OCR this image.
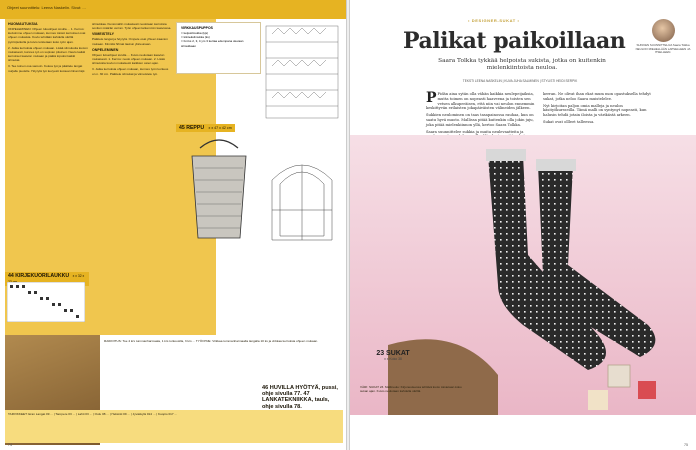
Ohjeet suunnittelu: Leena Naskelin. Sivut: ...
HUOMAUTUKSIA

ONPELEMINEN: Ohjeen lukuohjeet sivulla ... 1. Kerros: kuduimme ohjeen mukaan, kunnes toistot kerrokset ovat ohjeen mukaisia. Kuvio tehdään kahdella värillä pyöröpuikolla ja kuvio toistetaan koko työn ajan.

2. Jatka kerroksia ohjeen mukaan. Lisää silmukoita kuvion mukaisesti, kunnes työ on sopivan pituinen. Neulo kaikki kerrokset kaavion mukaan ja päätä lopuksi kaikki silmukat.

3. Tee toinen osa samoin. Kokoa työ ja päättele langat nurjalle puolelle. Höyrytä työ kevyesti kostean liinan läpi.

silmukkaa. Kuviomallin mukaisesti neulotaan kerroksia sovitun määrän verran. Työn ohjeet tarkemmin kaaviossa.

VIIMEISTELY

Päättele langat ja höyrytä. Ompele osat yhteen kaavion mukaan. Kiinnitä hihnat laukun yläreunaan.

ONPELEMINEN

Ohjeen lukuohjeet sivulla ... Kuvio neulotaan kaavion mukaisesti. 1. Kerros: neulo ohjeen mukaan. 2. Lisää silmukoita kuvion mukaisesti kaikkien osien ajan.

3. Jatka kerroksia ohjeen mukaan, kunnes työn korkeus on n. 30 cm. Päättele silmukat ja viimeistele työ.

VIRKKAUSPUPPOS
= ketjusilmukka (kjs)
= kiinteäsilmukka (ks)
= bxt ks 2, 3, 4 ym 3 kertaa edempana olevaan silmukkaan
45 REPPU x x 47 x 42 cm
44 KIRJEKUORILAUKKU x x 32 x
RAIDOITUS: Toe 4 krs tummanharmaala, 1 krs turkoosilla, 3 krs ... TYÖOHJE: Virkkaa tummanharmaalla langalla 10 ks ja virkkaa kerroksia ohjeen mukaan.
46 HUVILLA HYÖTYÄ, pussi, ohje sivulla 77. 47 LANKATEKNIIKKA, tauls, ohje sivulla 78.
TARVIKKEET: Eran Langat 09 ... | Tampere 03 ... | Lahti 03 ... | Oulu 08 ... | Helsinki 09 ... | Jyväskylä 014 ... | Kuopio 017 ...
74
• DESIGNER-SUKAT •
Palikat paikoillaan
Saara Tolkka tykkää helpoista sukista, jotka on kuitenkin mielenkiintoista neuloa.
TEKSTI LEENA NASKELIN | KUVA JUHA SALMINEN | STYLISTI HEIDI SERPIK
SUKKIEN SUUNNITTELIJA Saara Tolkka NEULOO MIEHELLÄÄN LAPSELLEEN JA ITSELLEEN.

P Pidän aina sytän olla vähän kaikkia neulepeijaiksia, mutta toimen on nopeasti haaveena ja toisten sen vetsen alkuperäisen, että niin vai neulon ennemmin keskittyvän erilaisten jokapäiväisten välineiden jälkeen.

Sukkien neulominen on taas tasapainossa rauhaa, kun on saatu hyvä muoto. Mallissa pitää kuitenkin olla jokin juju, joka pitää mielenkiinnon yllä, kertoo Saara Tolkka.

Saara suunnittelee sukkia ja muita neulevaatteita ja

kerran. Ne olivat ihan ekat mum mon opastuksella tehdyt sukat, jotka neloo Saara muistelelee.

Nyt kirjoitan paljon omia malleja ja neulon käsityökursseilla. Tämä malli on syntynyt nopeasti, kun halusin tehdä jotain iloista ja värikästä arkeen.

Sukat ovat ollleet talleessa.

23 SUKAT
x x Koko 38
VÄRI: SUKAT 23. Mallineule: Kirjoneuleessa tehtävä kuvio toistetaan koko sukan ajan. Kuvio neulotaan kahdella värillä.
75
